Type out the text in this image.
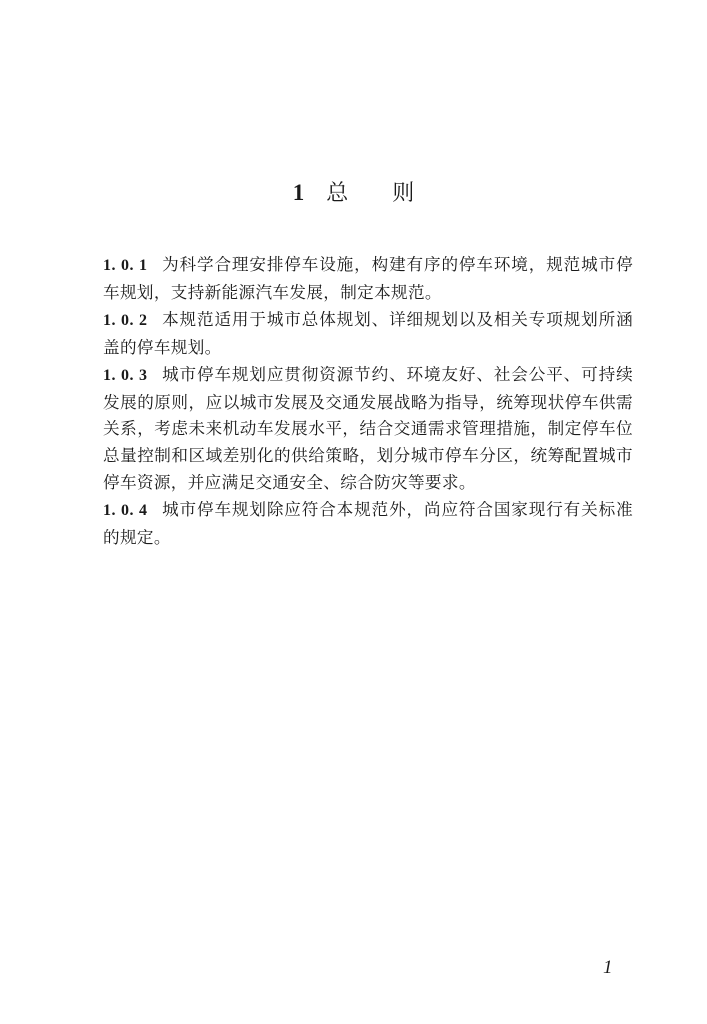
1 总 则

1. 0. 1 为科学合理安排停车设施，构建有序的停车环境，规范城市停车规划，支持新能源汽车发展，制定本规范。

1. 0. 2 本规范适用于城市总体规划、详细规划以及相关专项规划所涵盖的停车规划。

1. 0. 3 城市停车规划应贯彻资源节约、环境友好、社会公平、可持续发展的原则，应以城市发展及交通发展战略为指导，统筹现状停车供需关系，考虑未来机动车发展水平，结合交通需求管理措施，制定停车位总量控制和区域差别化的供给策略，划分城市停车分区，统筹配置城市停车资源，并应满足交通安全、综合防灾等要求。

1. 0. 4 城市停车规划除应符合本规范外，尚应符合国家现行有关标准的规定。

1
